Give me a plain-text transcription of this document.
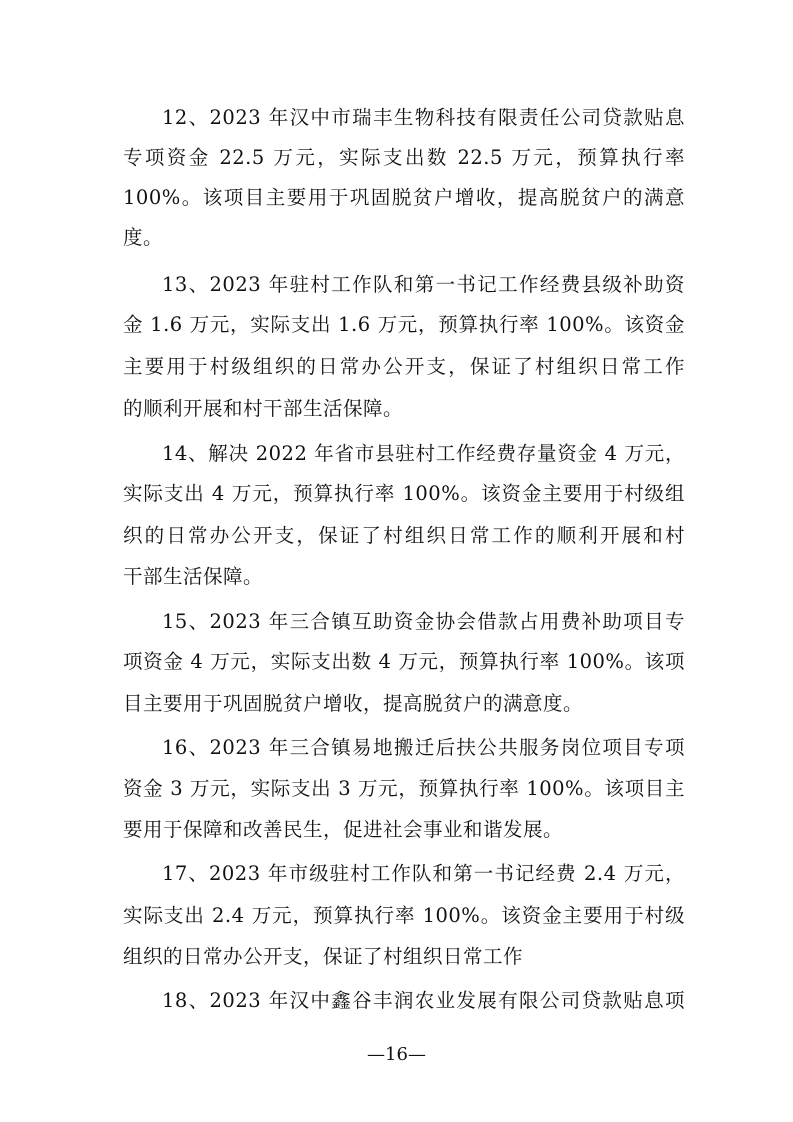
12、2023 年汉中市瑞丰生物科技有限责任公司贷款贴息
专项资金 22.5 万元，实际支出数 22.5 万元，预算执行率
100%。该项目主要用于巩固脱贫户增收，提高脱贫户的满意
度。
13、2023 年驻村工作队和第一书记工作经费县级补助资
金 1.6 万元，实际支出 1.6 万元，预算执行率 100%。该资金
主要用于村级组织的日常办公开支，保证了村组织日常工作
的顺利开展和村干部生活保障。
14、解决 2022 年省市县驻村工作经费存量资金 4 万元，
实际支出 4 万元，预算执行率 100%。该资金主要用于村级组
织的日常办公开支，保证了村组织日常工作的顺利开展和村
干部生活保障。
15、2023 年三合镇互助资金协会借款占用费补助项目专
项资金 4 万元，实际支出数 4 万元，预算执行率 100%。该项
目主要用于巩固脱贫户增收，提高脱贫户的满意度。
16、2023 年三合镇易地搬迁后扶公共服务岗位项目专项
资金 3 万元，实际支出 3 万元，预算执行率 100%。该项目主
要用于保障和改善民生，促进社会事业和谐发展。
17、2023 年市级驻村工作队和第一书记经费 2.4 万元，
实际支出 2.4 万元，预算执行率 100%。该资金主要用于村级
组织的日常办公开支，保证了村组织日常工作
18、2023 年汉中鑫谷丰润农业发展有限公司贷款贴息项
—16—
